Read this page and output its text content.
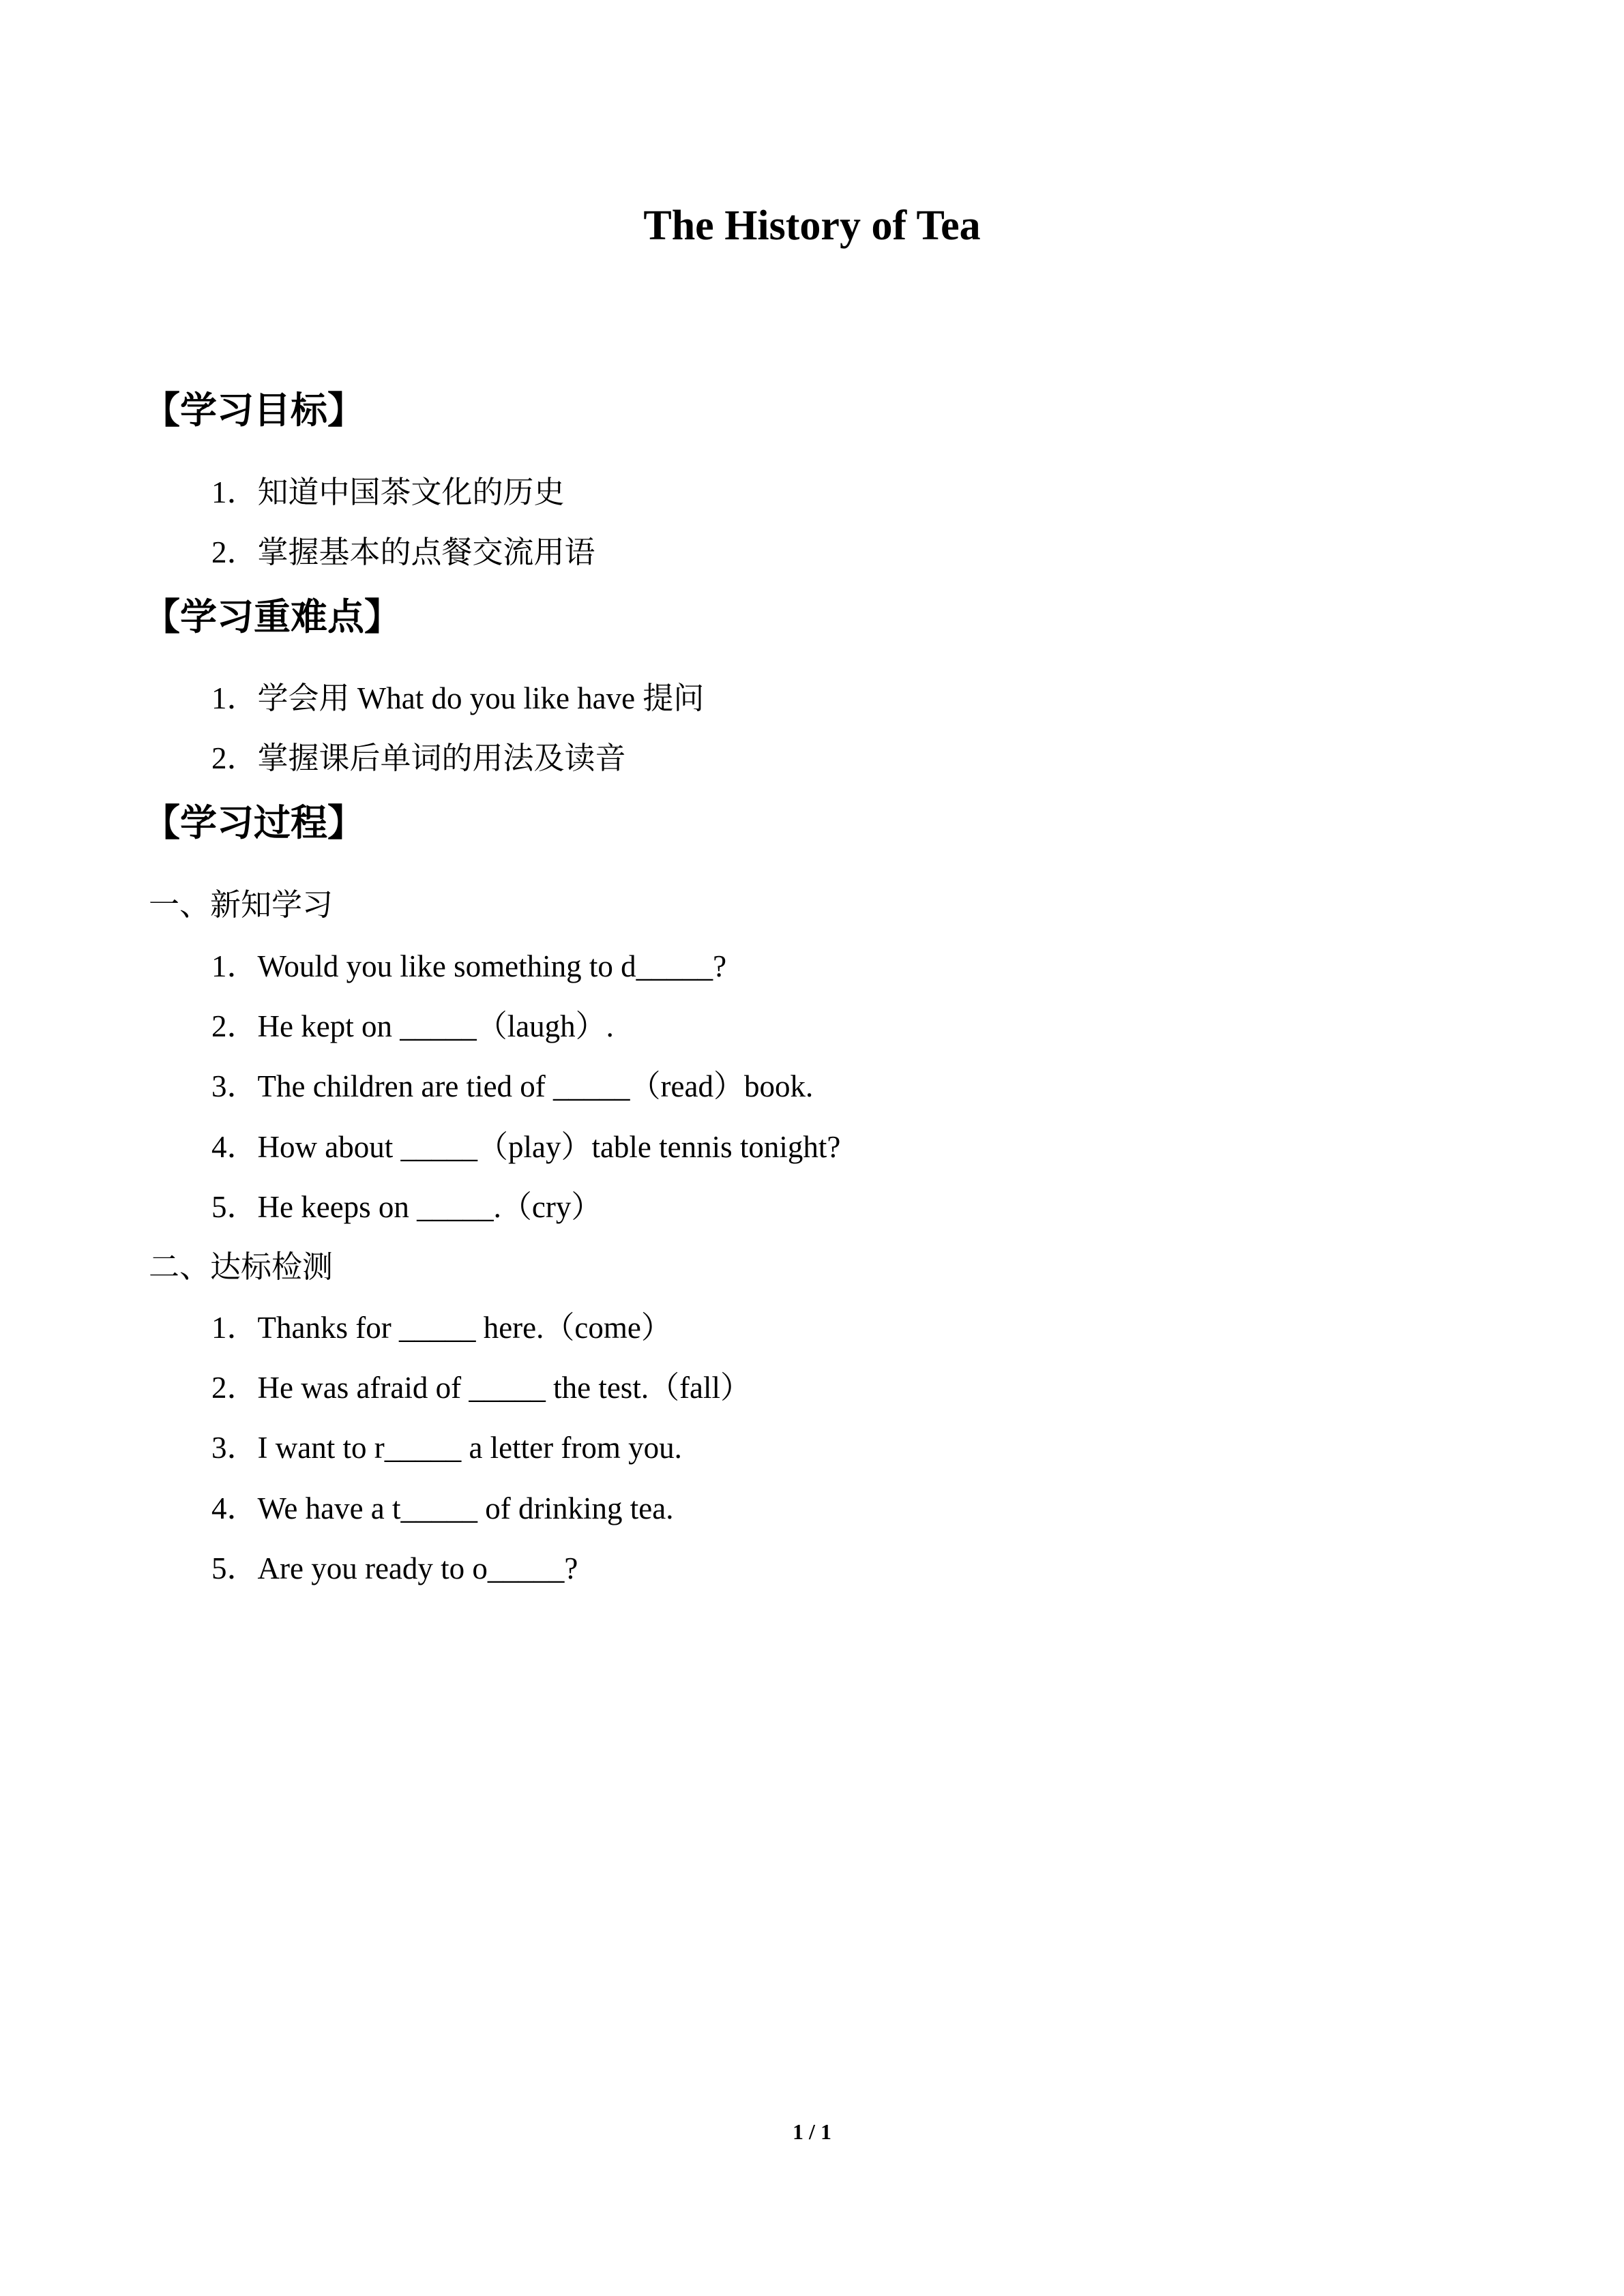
The History of Tea
【学习目标】
1．知道中国茶文化的历史
2．掌握基本的点餐交流用语
【学习重难点】
1．学会用 What do you like have 提问
2．掌握课后单词的用法及读音
【学习过程】
一、新知学习
1．Would you like something to d_____?
2．He kept on _____（laugh）.
3．The children are tied of _____（read）book.
4．How about _____（play）table tennis tonight?
5．He keeps on _____.（cry）
二、达标检测
1．Thanks for _____ here.（come）
2．He was afraid of _____ the test.（fall）
3．I want to r_____ a letter from you.
4．We have a t_____ of drinking tea.
5．Are you ready to o_____?
1 / 1
